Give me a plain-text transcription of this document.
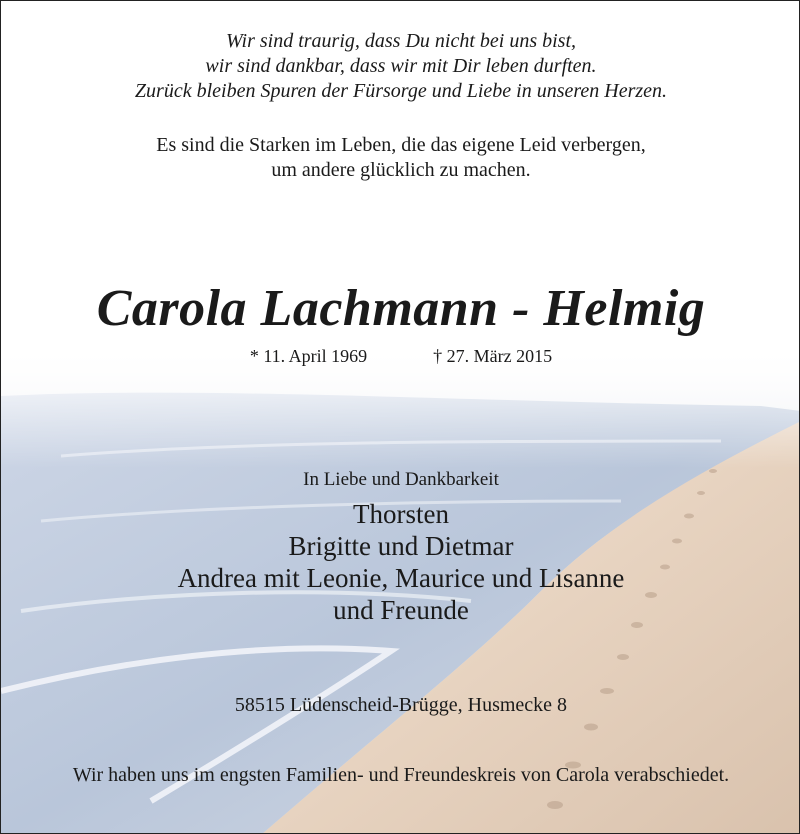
Wir sind traurig, dass Du nicht bei uns bist,
wir sind dankbar, dass wir mit Dir leben durften.
Zurück bleiben Spuren der Fürsorge und Liebe in unseren Herzen.
Es sind die Starken im Leben, die das eigene Leid verbergen,
um andere glücklich zu machen.
Carola Lachmann - Helmig
* 11. April 1969	† 27. März 2015
In Liebe und Dankbarkeit
Thorsten
Brigitte und Dietmar
Andrea mit Leonie, Maurice und Lisanne
und Freunde
58515 Lüdenscheid-Brügge, Husmecke 8
Wir haben uns im engsten Familien- und Freundeskreis von Carola verabschiedet.
